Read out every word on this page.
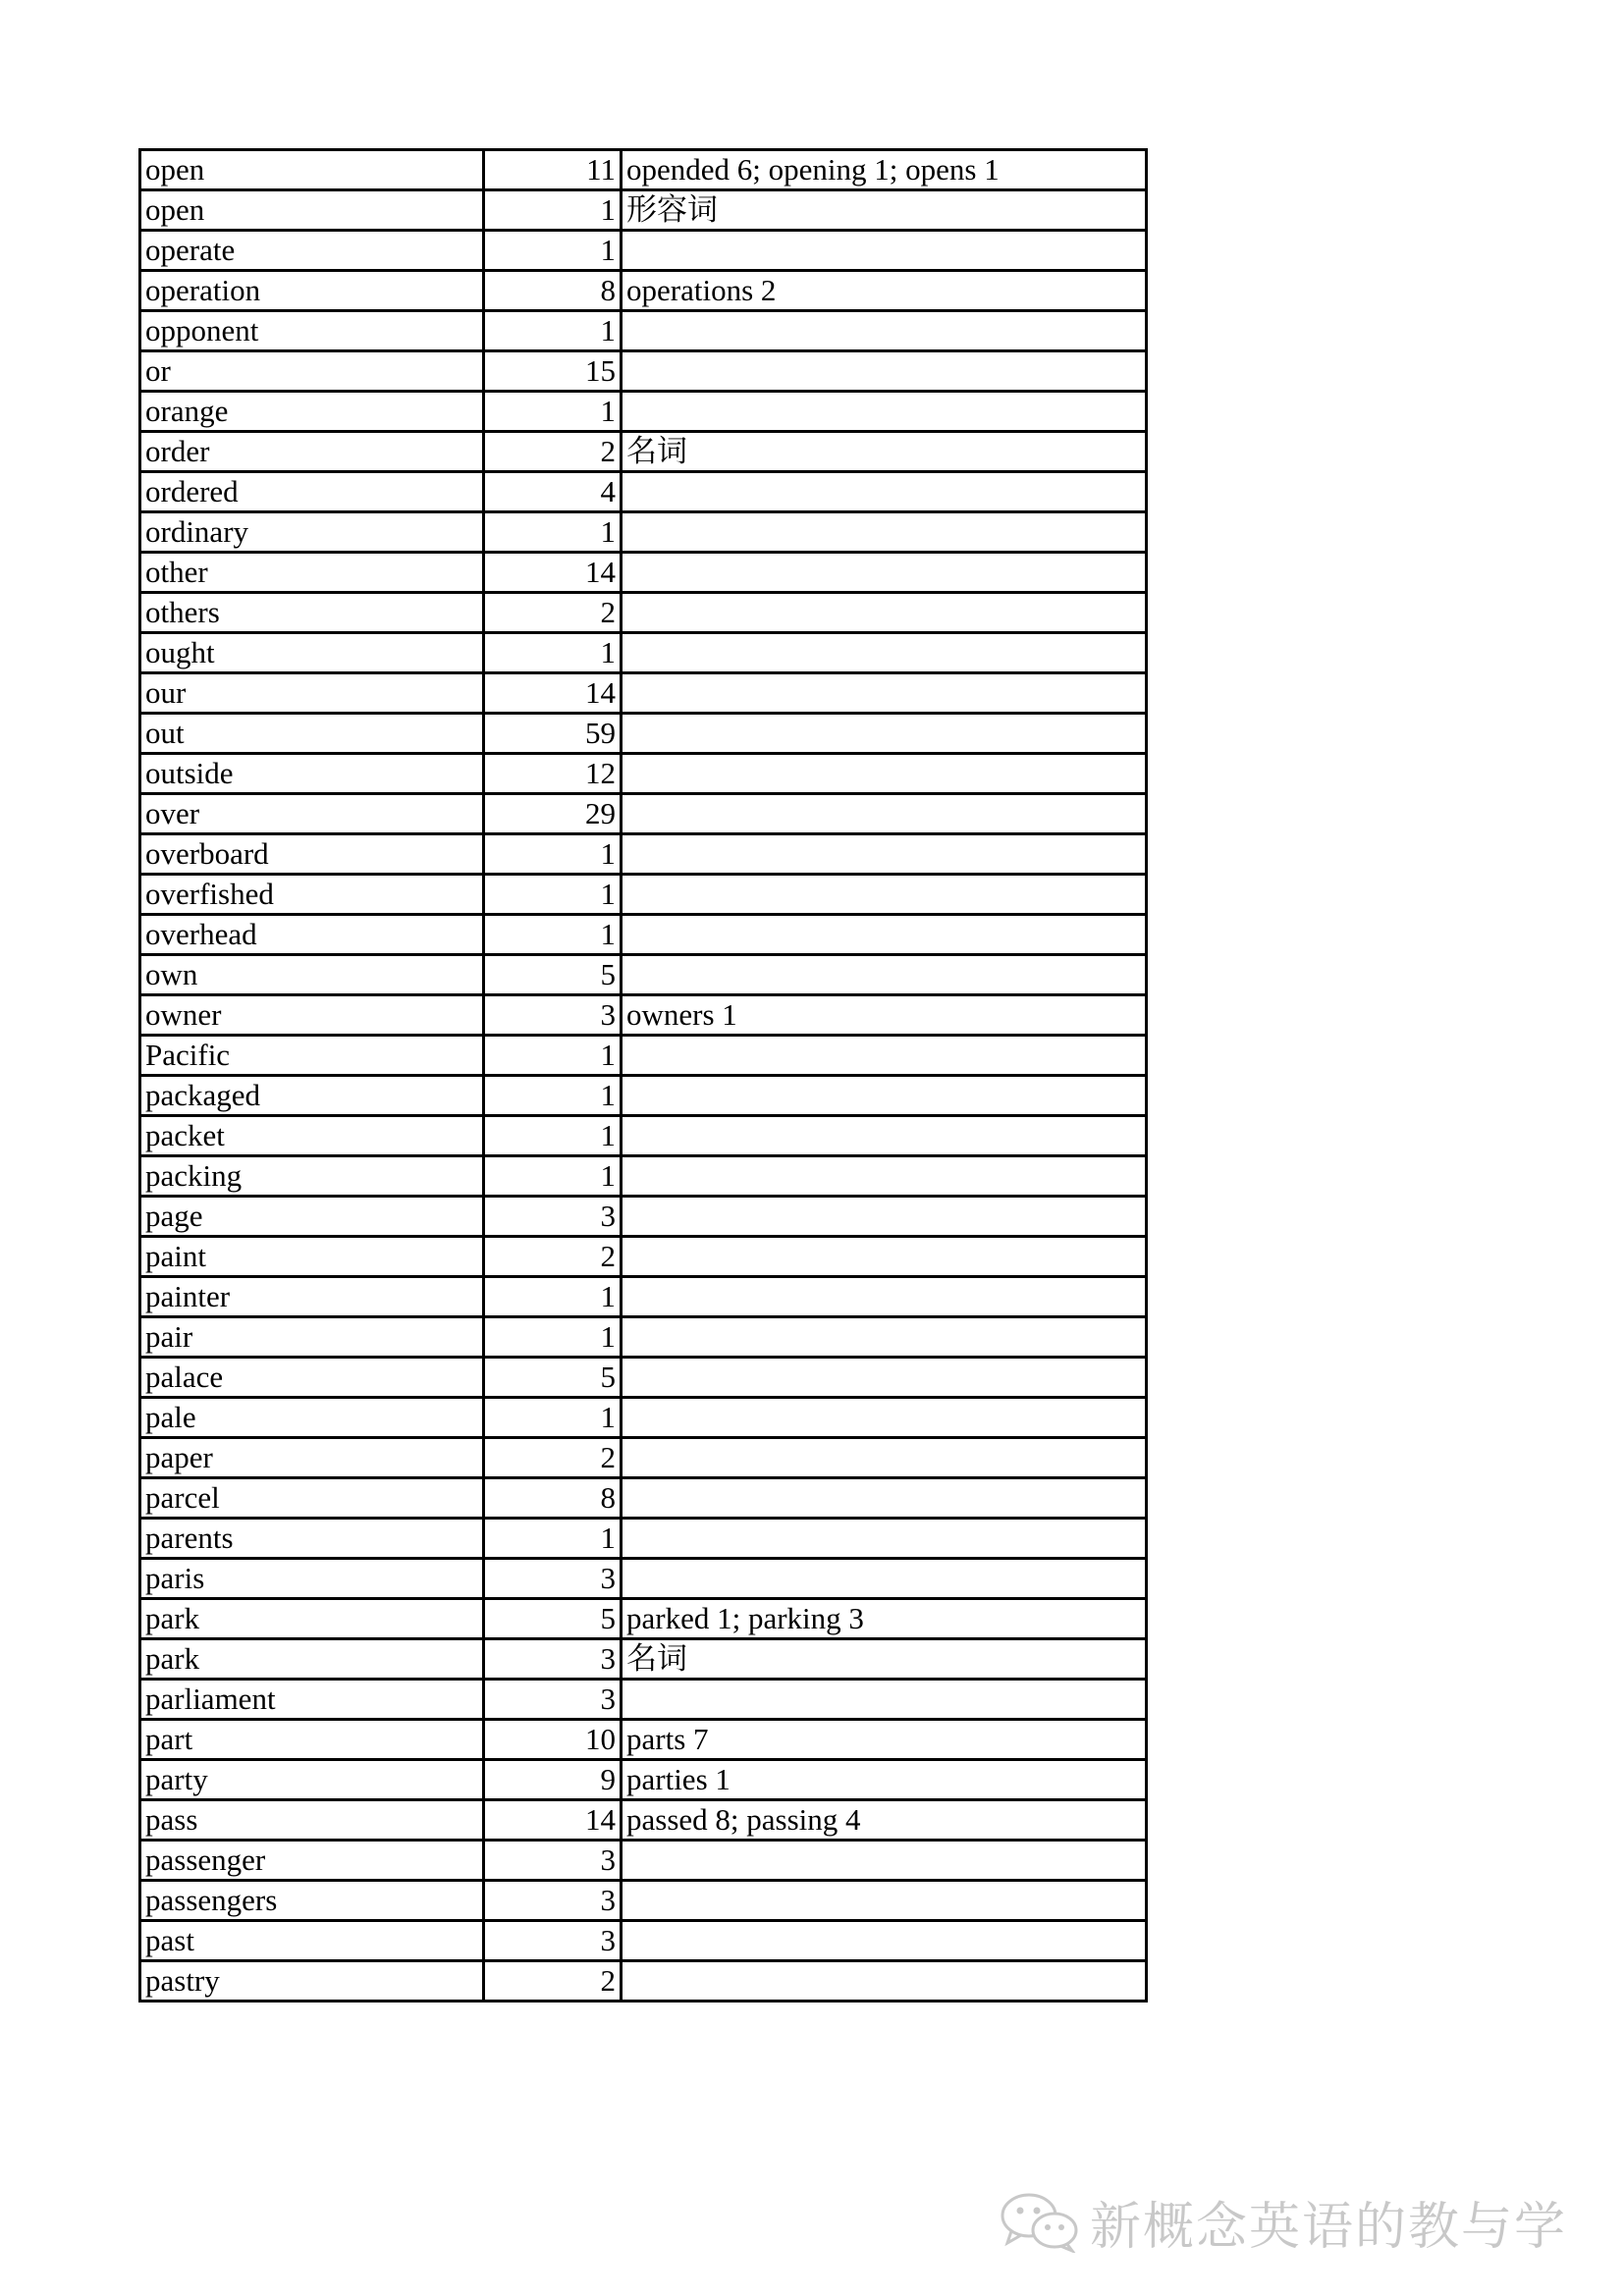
open	11	opended 6; opening 1; opens 1
open	1	形容词
operate	1	
operation	8	operations 2
opponent	1	
or	15	
orange	1	
order	2	名词
ordered	4	
ordinary	1	
other	14	
others	2	
ought	1	
our	14	
out	59	
outside	12	
over	29	
overboard	1	
overfished	1	
overhead	1	
own	5	
owner	3	owners 1
Pacific	1	
packaged	1	
packet	1	
packing	1	
page	3	
paint	2	
painter	1	
pair	1	
palace	5	
pale	1	
paper	2	
parcel	8	
parents	1	
paris	3	
park	5	parked 1; parking 3
park	3	名词
parliament	3	
part	10	parts 7
party	9	parties 1
pass	14	passed 8; passing 4
passenger	3	
passengers	3	
past	3	
pastry	2	
新概念英语的教与学
